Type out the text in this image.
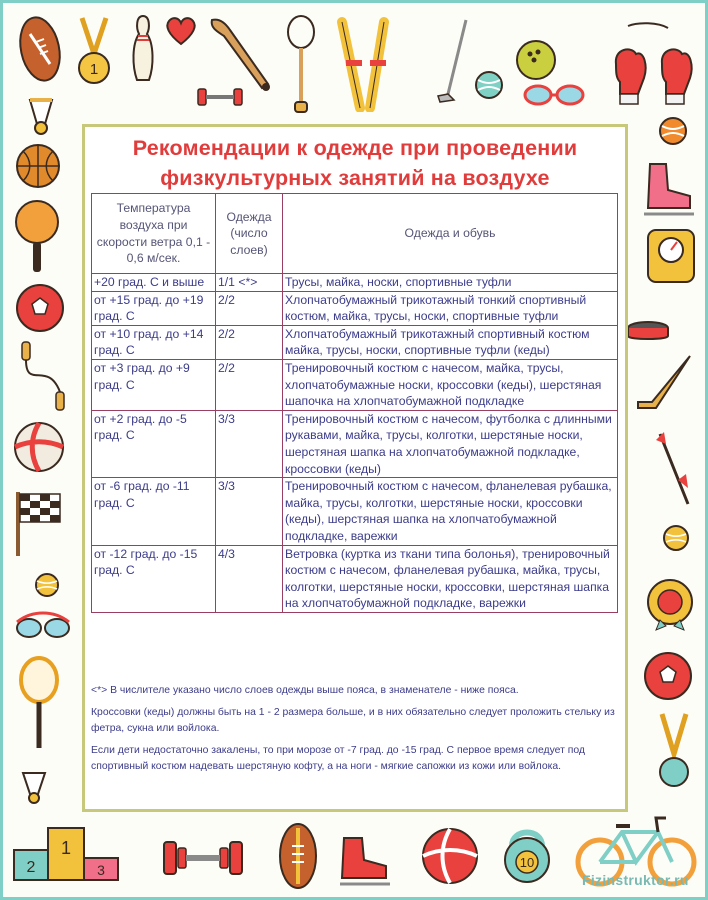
1
2
1
3	10
Рекомендации к одежде при проведении
физкультурных занятий на воздухе
Температура воздуха при скорости ветра 0,1 - 0,6 м/сек.	Одежда (число слоев)	Одежда и обувь
+20 град. С и выше	1/1 <*>	Трусы, майка, носки, спортивные туфли
от +15 град. до +19 град. С	2/2	Хлопчатобумажный трикотажный тонкий спортивный костюм, майка, трусы, носки, спортивные туфли
от +10 град. до +14 град. С	2/2	Хлопчатобумажный трикотажный спортивный костюм майка, трусы, носки, спортивные туфли (кеды)
от +3 град. до +9 град. С	2/2	Тренировочный костюм с начесом, майка, трусы, хлопчатобумажные носки, кроссовки (кеды), шерстяная шапочка на хлопчатобумажной подкладке
от +2 град. до -5 град. С	3/3	Тренировочный костюм с начесом, футболка с длинными рукавами, майка, трусы, колготки, шерстяные носки, шерстяная шапка на хлопчатобумажной подкладке, кроссовки (кеды)
от -6 град. до -11 град. С	3/3	Тренировочный костюм с начесом, фланелевая рубашка, майка, трусы, колготки, шерстяные носки, кроссовки (кеды), шерстяная шапка на хлопчатобумажной подкладке, варежки
от -12 град. до -15 град. С	4/3	Ветровка (куртка из ткани типа болонья), тренировочный костюм с начесом, фланелевая рубашка, майка, трусы, колготки, шерстяные носки, кроссовки, шерстяная шапка на хлопчатобумажной подкладке, варежки

<*> В числителе указано число слоев одежды выше пояса, в знаменателе - ниже пояса.

Кроссовки (кеды) должны быть на 1 - 2 размера больше, и в них обязательно следует проложить стельку из фетра, сукна или войлока.

Если дети недостаточно закалены, то при морозе от -7 град. до -15 град. С первое время следует под спортивный костюм надевать шерстяную кофту, а на ноги - мягкие сапожки из кожи или войлока.

Fizinstruktor.ru
